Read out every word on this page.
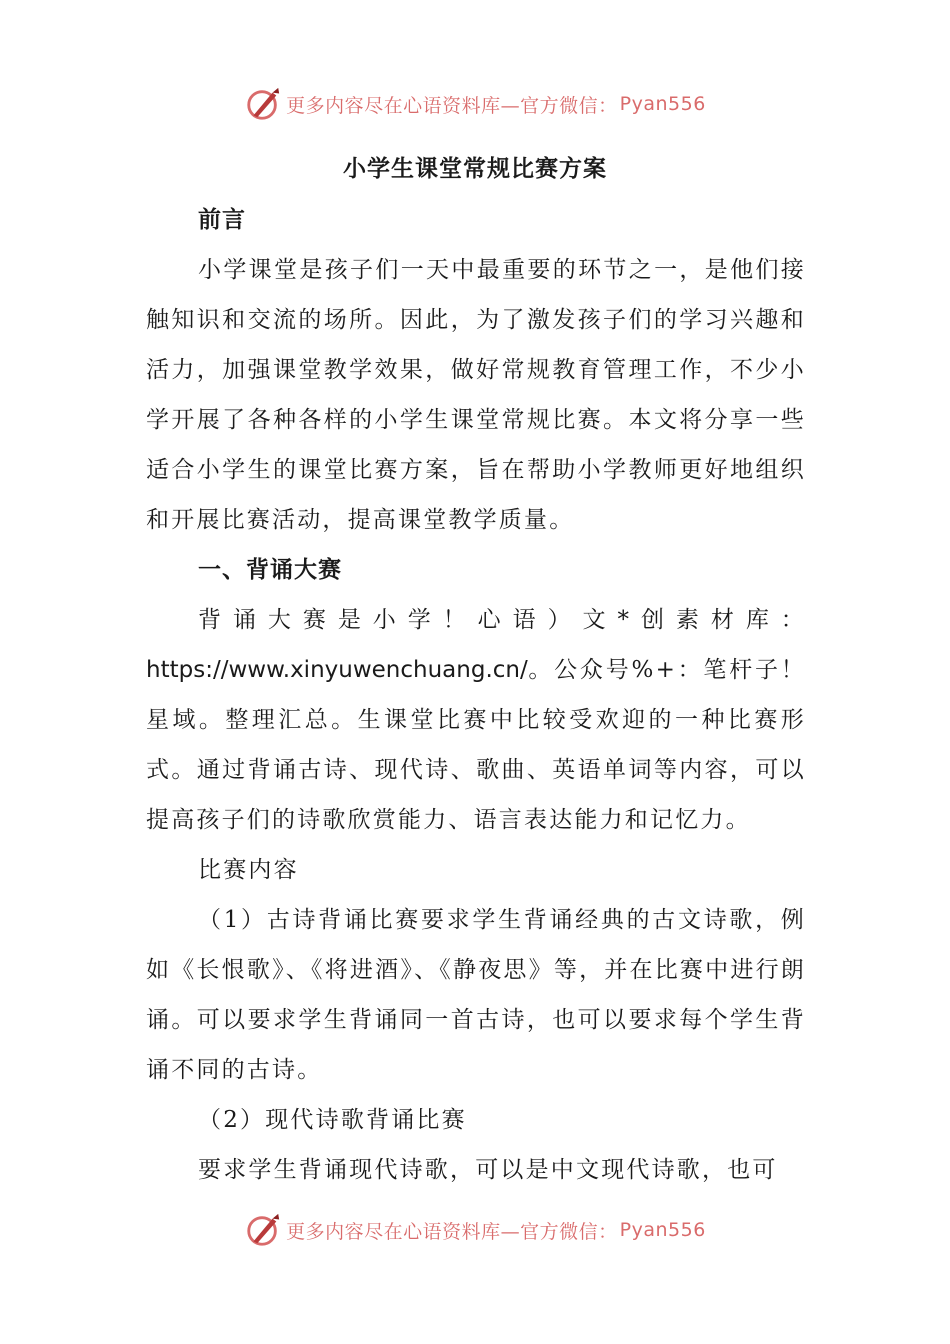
更多内容尽在心语资料库—官方微信： Pyan556
小学生课堂常规比赛方案

前言

小学课堂是孩子们一天中最重要的环节之一，是他们接触知识和交流的场所。因此，为了激发孩子们的学习兴趣和活力，加强课堂教学效果，做好常规教育管理工作，不少小学开展了各种各样的小学生课堂常规比赛。本文将分享一些适合小学生的课堂比赛方案，旨在帮助小学教师更好地组织和开展比赛活动，提高课堂教学质量。

一、背诵大赛

背诵大赛是小学！心语）文*创素材库：https://www.xinyuwenchuang.cn/。公众号%+：笔杆子！星域。整理汇总。生课堂比赛中比较受欢迎的一种比赛形式。通过背诵古诗、现代诗、歌曲、英语单词等内容，可以提高孩子们的诗歌欣赏能力、语言表达能力和记忆力。

比赛内容

（1）古诗背诵比赛要求学生背诵经典的古文诗歌，例如《长恨歌》、《将进酒》、《静夜思》等，并在比赛中进行朗诵。可以要求学生背诵同一首古诗，也可以要求每个学生背诵不同的古诗。

（2）现代诗歌背诵比赛

要求学生背诵现代诗歌，可以是中文现代诗歌，也可

更多内容尽在心语资料库—官方微信： Pyan556
